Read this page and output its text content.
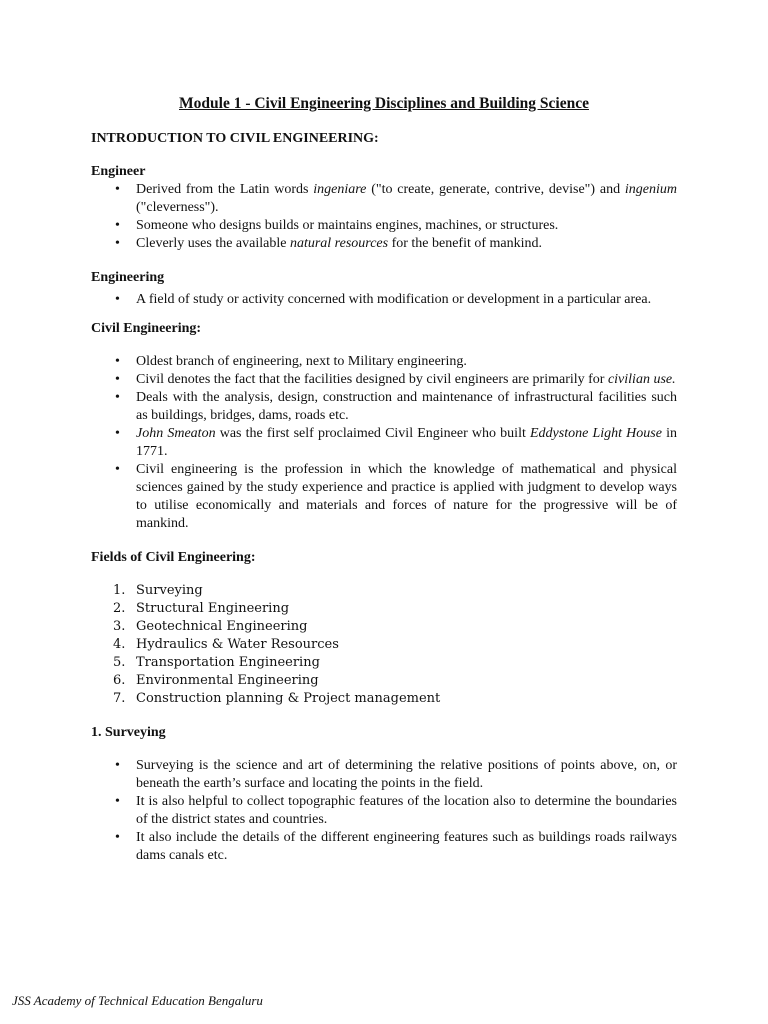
Module 1 - Civil Engineering Disciplines and Building Science

INTRODUCTION TO CIVIL ENGINEERING:

Engineer

• Derived from the Latin words ingeniare ("to create, generate, contrive, devise") and ingenium ("cleverness").
• Someone who designs builds or maintains engines, machines, or structures.
• Cleverly uses the available natural resources for the benefit of mankind.

Engineering

• A field of study or activity concerned with modification or development in a particular area.

Civil Engineering:

• Oldest branch of engineering, next to Military engineering.
• Civil denotes the fact that the facilities designed by civil engineers are primarily for civilian use.
• Deals with the analysis, design, construction and maintenance of infrastructural facilities such as buildings, bridges, dams, roads etc.
• John Smeaton was the first self proclaimed Civil Engineer who built Eddystone Light House in 1771.
• Civil engineering is the profession in which the knowledge of mathematical and physical sciences gained by the study experience and practice is applied with judgment to develop ways to utilise economically and materials and forces of nature for the progressive will be of mankind.

Fields of Civil Engineering:

1. Surveying
2. Structural Engineering
3. Geotechnical Engineering
4. Hydraulics & Water Resources
5. Transportation Engineering
6. Environmental Engineering
7. Construction planning & Project management

1. Surveying

• Surveying is the science and art of determining the relative positions of points above, on, or beneath the earth’s surface and locating the points in the field.
• It is also helpful to collect topographic features of the location also to determine the boundaries of the district states and countries.
• It also include the details of the different engineering features such as buildings roads railways dams canals etc.
JSS Academy of Technical Education Bengaluru
